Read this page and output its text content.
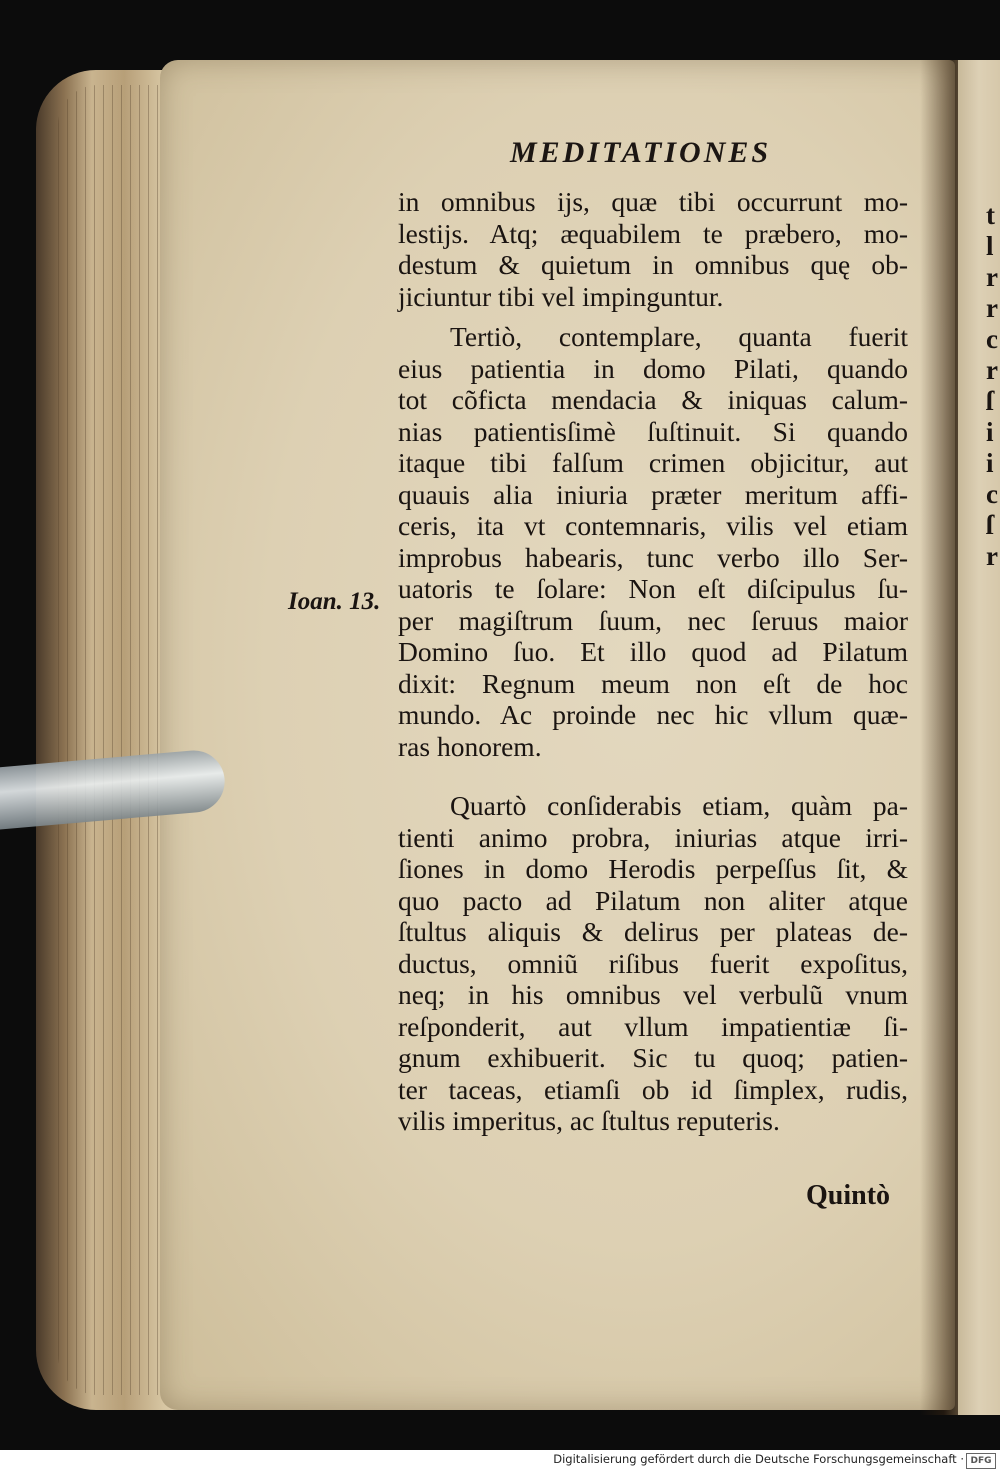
t
l
r
r
c
r
ſ
i
i
c
ſ
r
MEDITATIONES
in omnibus ijs, quæ tibi occurrunt mo-
lestijs. Atq; æquabilem te præbero, mo-
destum & quietum in omnibus quę ob-
jiciuntur tibi vel impinguntur.
Tertiò, contemplare, quanta fuerit
eius patientia in domo Pilati, quando
tot cõficta mendacia & iniquas calum-
nias patientisſimè ſuſtinuit. Si quando
itaque tibi falſum crimen objicitur, aut
quauis alia iniuria præter meritum affi-
ceris, ita vt contemnaris, vilis vel etiam
improbus habearis, tunc verbo illo Ser-
uatoris te ſolare: Non eſt diſcipulus ſu-
per magiſtrum ſuum, nec ſeruus maior
Domino ſuo. Et illo quod ad Pilatum
dixit: Regnum meum non eſt de hoc
mundo. Ac proinde nec hic vllum quæ-
ras honorem.
Quartò conſiderabis etiam, quàm pa-
tienti animo probra, iniurias atque irri-
ſiones in domo Herodis perpeſſus ſit, &
quo pacto ad Pilatum non aliter atque
ſtultus aliquis & delirus per plateas de-
ductus, omniũ riſibus fuerit expoſitus,
neq; in his omnibus vel verbulũ vnum
reſponderit, aut vllum impatientiæ ſi-
gnum exhibuerit. Sic tu quoq; patien-
ter taceas, etiamſi ob id ſimplex, rudis,
vilis imperitus, ac ſtultus reputeris.
Ioan. 13.
Quintò
Digitalisierung gefördert durch die Deutsche Forschungsgemeinschaft · DFG
